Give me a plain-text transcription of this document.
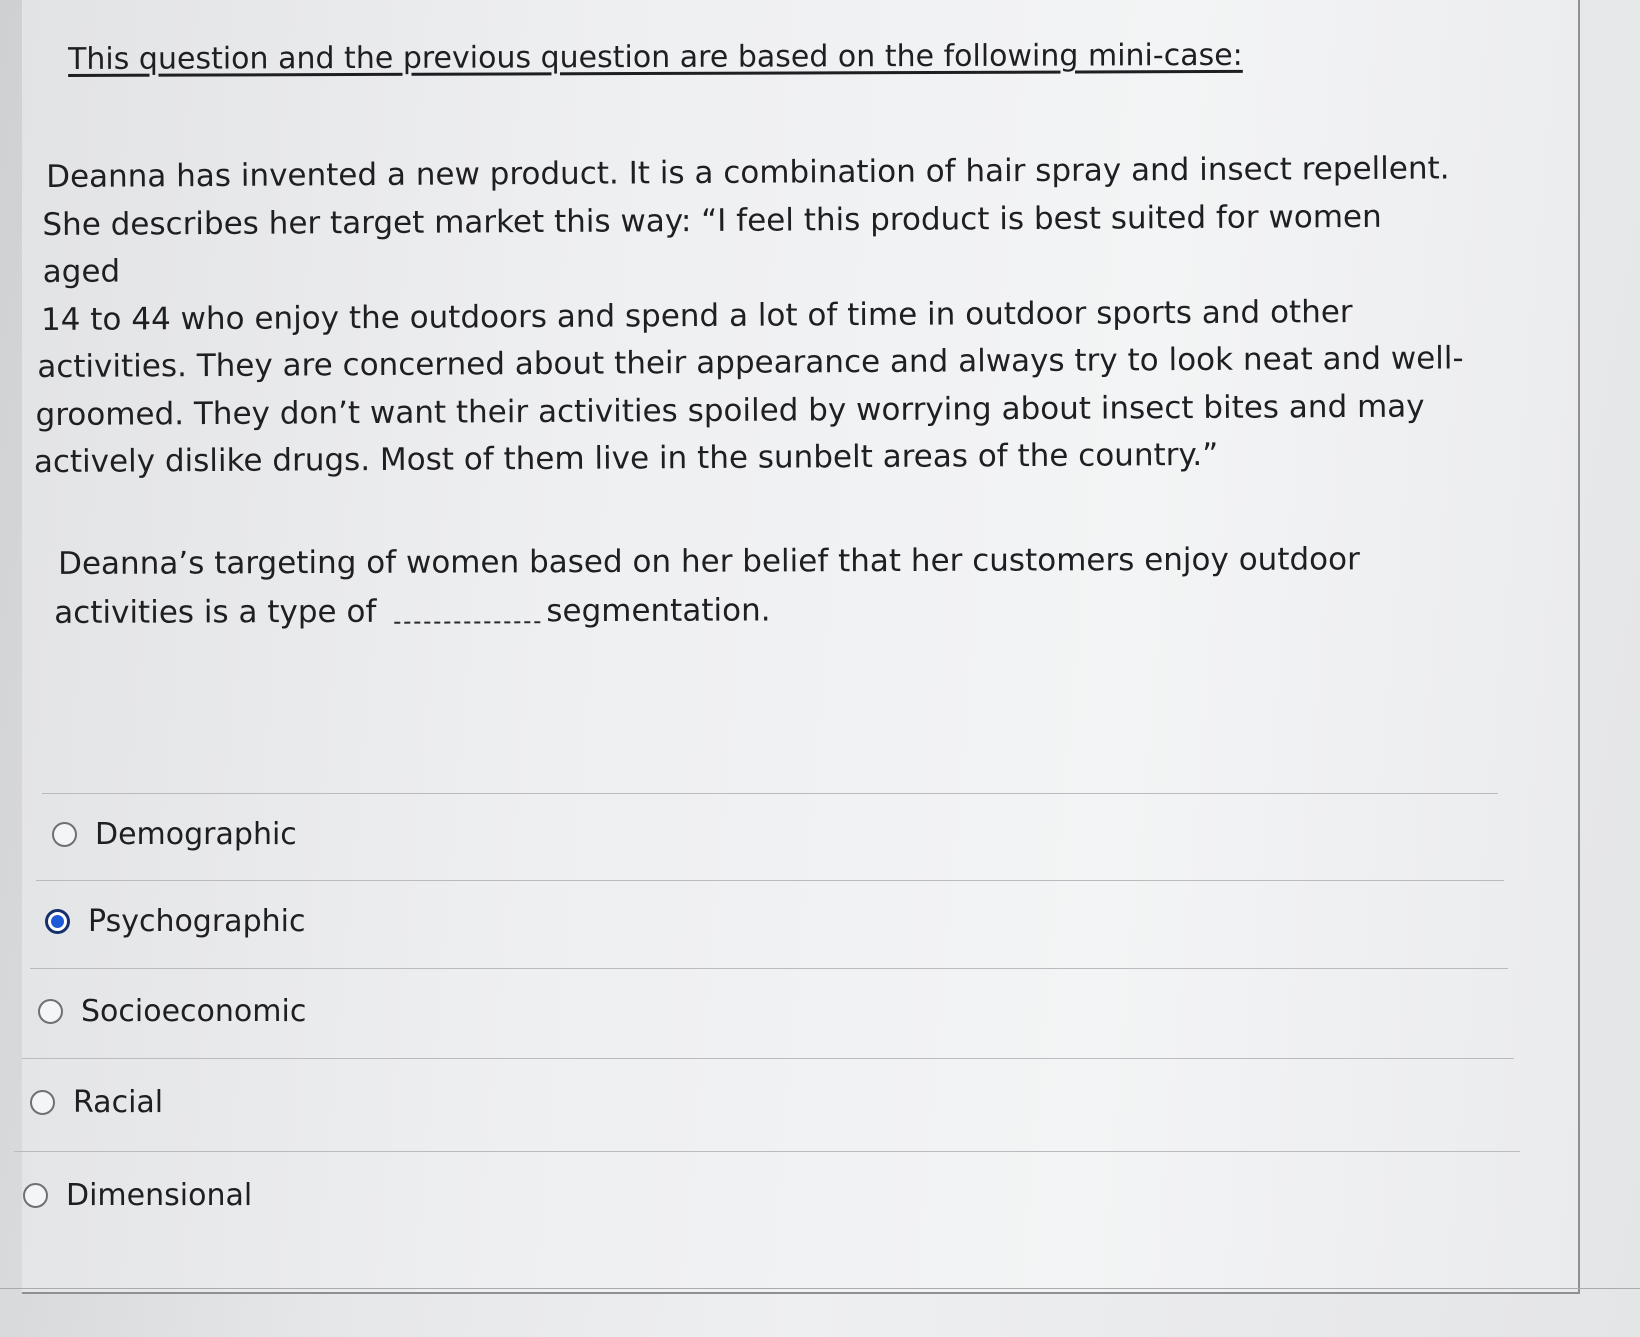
This question and the previous question are based on the following mini-case:

Deanna has invented a new product. It is a combination of hair spray and insect repellent.

She describes her target market this way: “I feel this product is best suited for women aged

14 to 44 who enjoy the outdoors and spend a lot of time in outdoor sports and other

activities. They are concerned about their appearance and always try to look neat and well-

groomed. They don’t want their activities spoiled by worrying about insect bites and may

actively dislike drugs. Most of them live in the sunbelt areas of the country.”

Deanna’s targeting of women based on her belief that her customers enjoy outdoor
activities is a type of	segmentation.
Demographic
Psychographic
Socioeconomic
Racial
Dimensional
